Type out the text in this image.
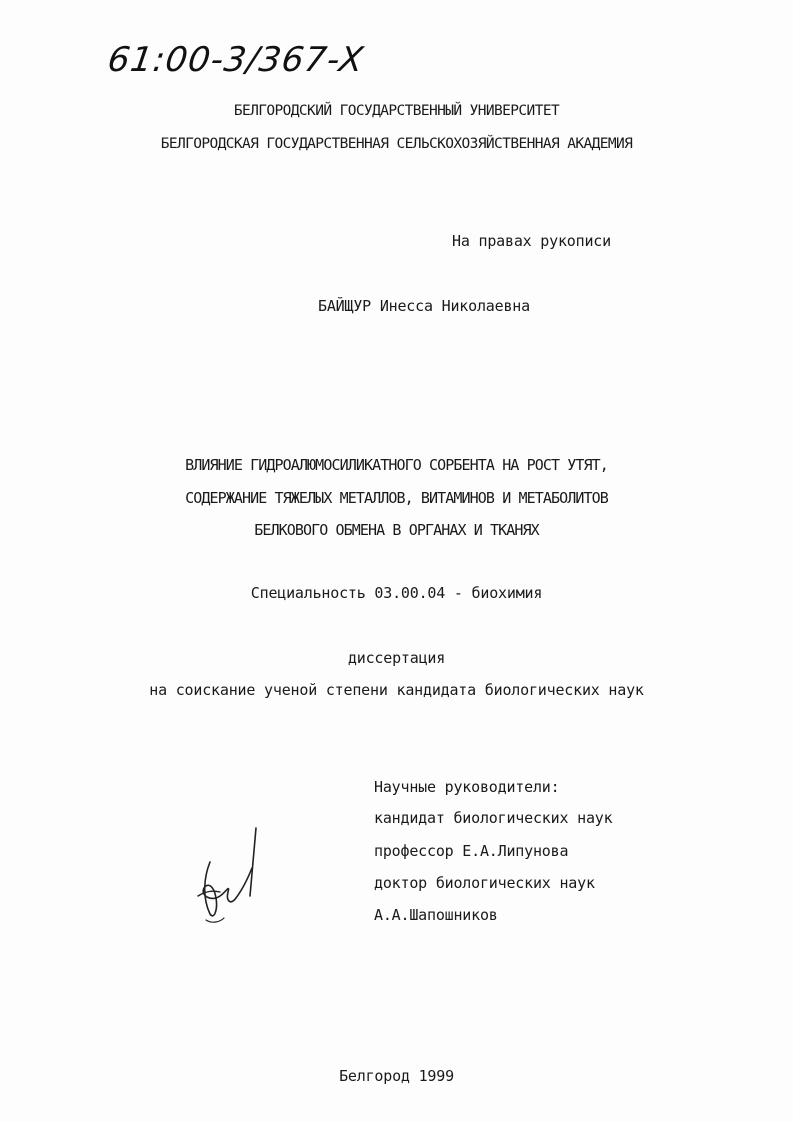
61:00-3/367-X
БЕЛГОРОДСКИЙ ГОСУДАРСТВЕННЫЙ УНИВЕРСИТЕТ
БЕЛГОРОДСКАЯ ГОСУДАРСТВЕННАЯ СЕЛЬСКОХОЗЯЙСТВЕННАЯ АКАДЕМИЯ
На правах рукописи
БАЙЩУР Инесса Николаевна
ВЛИЯНИЕ ГИДРОАЛЮМОСИЛИКАТНОГО СОРБЕНТА НА РОСТ УТЯТ,
СОДЕРЖАНИЕ ТЯЖЕЛЫХ МЕТАЛЛОВ, ВИТАМИНОВ И МЕТАБОЛИТОВ
БЕЛКОВОГО ОБМЕНА В ОРГАНАХ И ТКАНЯХ
Специальность 03.00.04 - биохимия
диссертация
на соискание ученой степени кандидата биологических наук
Научные руководители:
кандидат биологических наук
профессор Е.А.Липунова
доктор биологических наук
А.А.Шапошников
Белгород 1999
